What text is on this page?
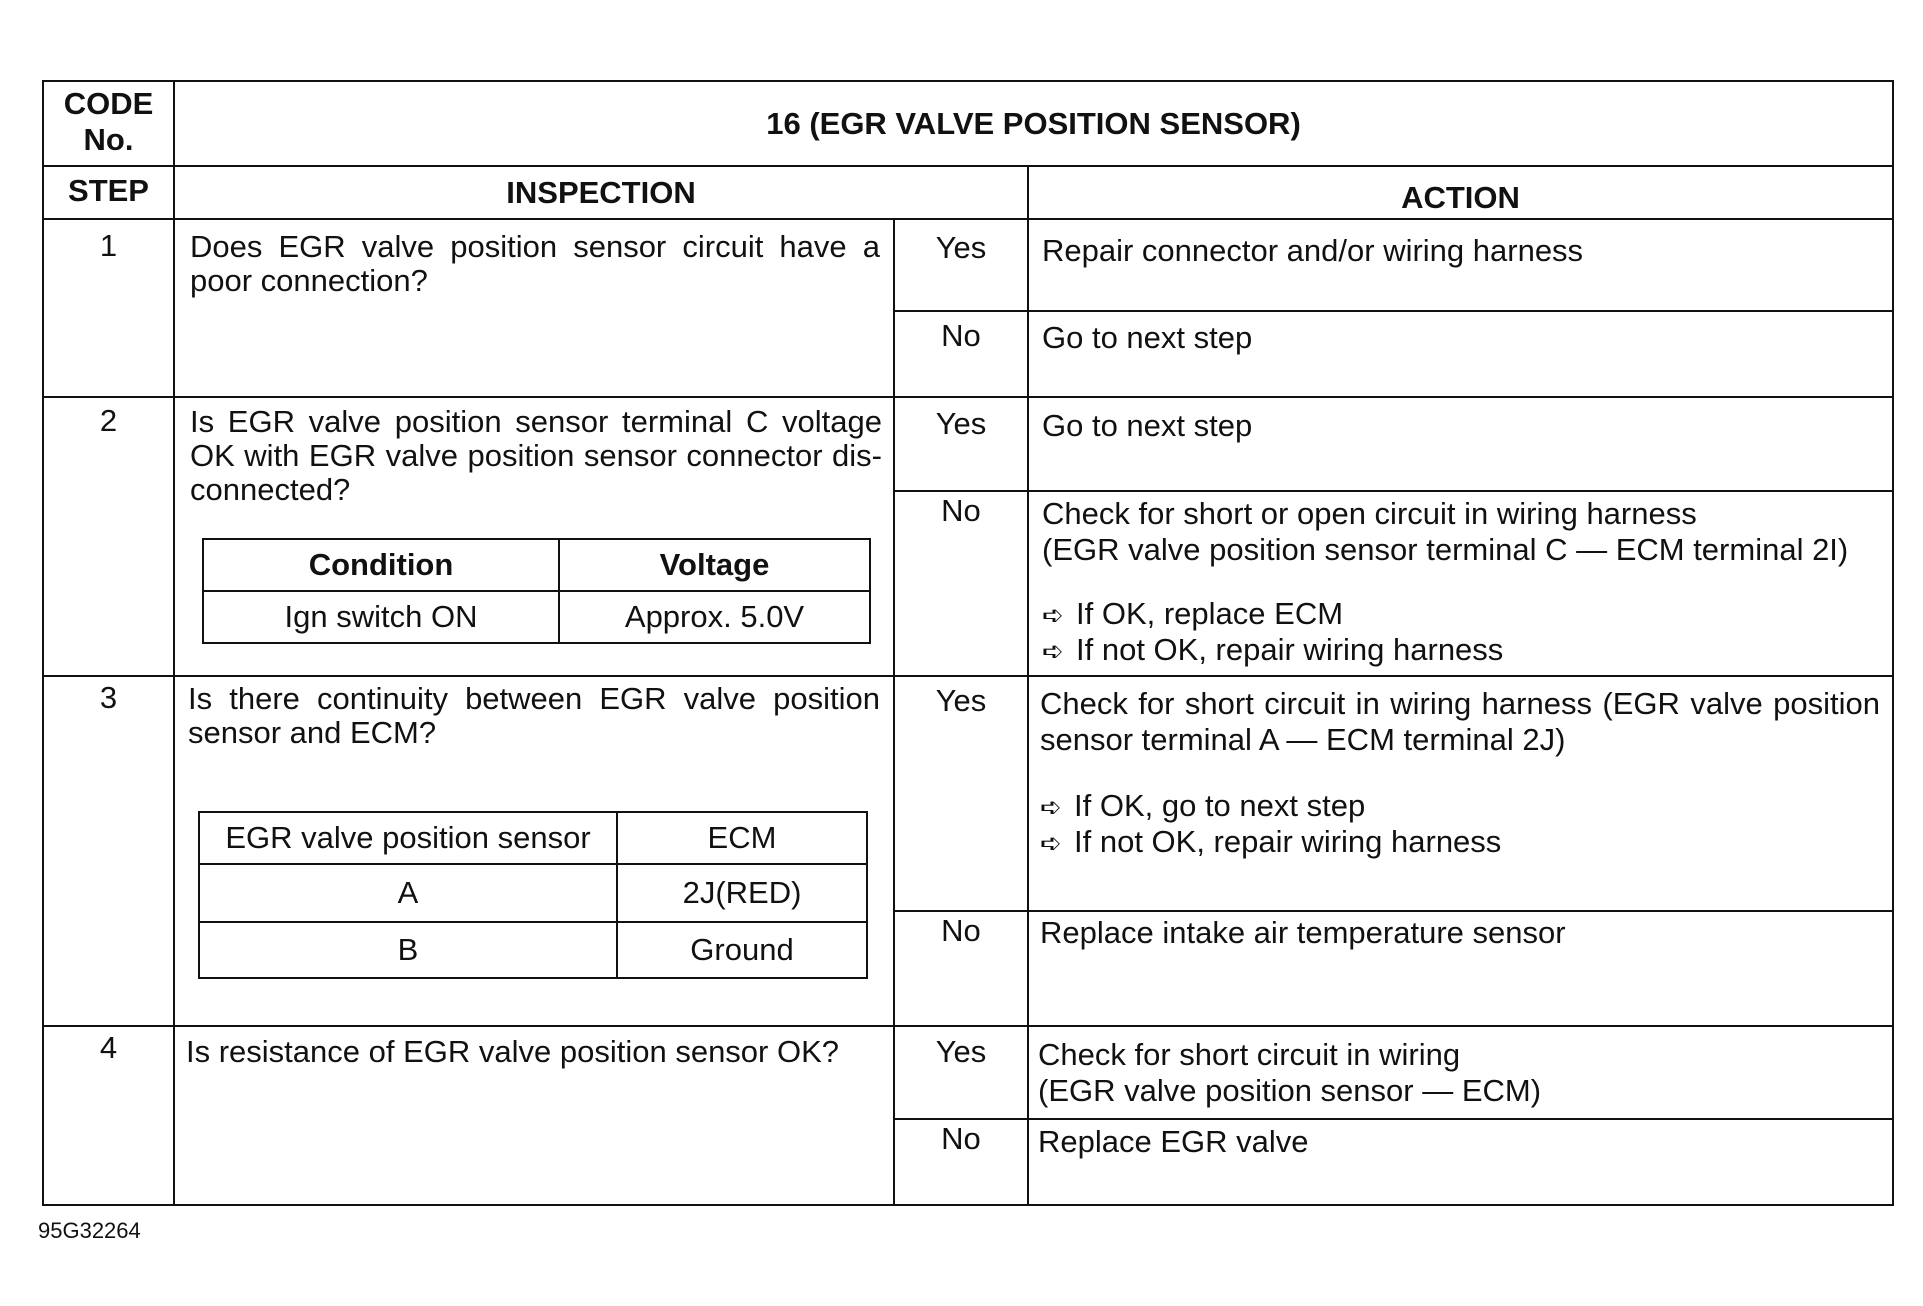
CODE
No.	16 (EGR VALVE POSITION SENSOR)
STEP	INSPECTION	ACTION
1	Does EGR valve position sensor circuit have a poor connection?
Yes	Repair connector and/or wiring harness
No	Go to next step
2	Is EGR valve position sensor terminal C voltage OK with EGR valve position sensor connector dis-connected?
Condition	Voltage
Ign switch ON	Approx. 5.0V
Yes	Go to next step
No	Check for short or open circuit in wiring harness
(EGR valve position sensor terminal C — ECM terminal 2I)
➪ If OK, replace ECM
➪ If not OK, repair wiring harness
3	Is there continuity between EGR valve position sensor and ECM?
EGR valve position sensor	ECM
A	2J(RED)
B	Ground
Yes	Check for short circuit in wiring harness (EGR valve position sensor terminal A — ECM terminal 2J)
➪ If OK, go to next step
➪ If not OK, repair wiring harness
No	Replace intake air temperature sensor
4	Is resistance of EGR valve position sensor OK?	Yes	Check for short circuit in wiring
(EGR valve position sensor — ECM)
No	Replace EGR valve
95G32264
